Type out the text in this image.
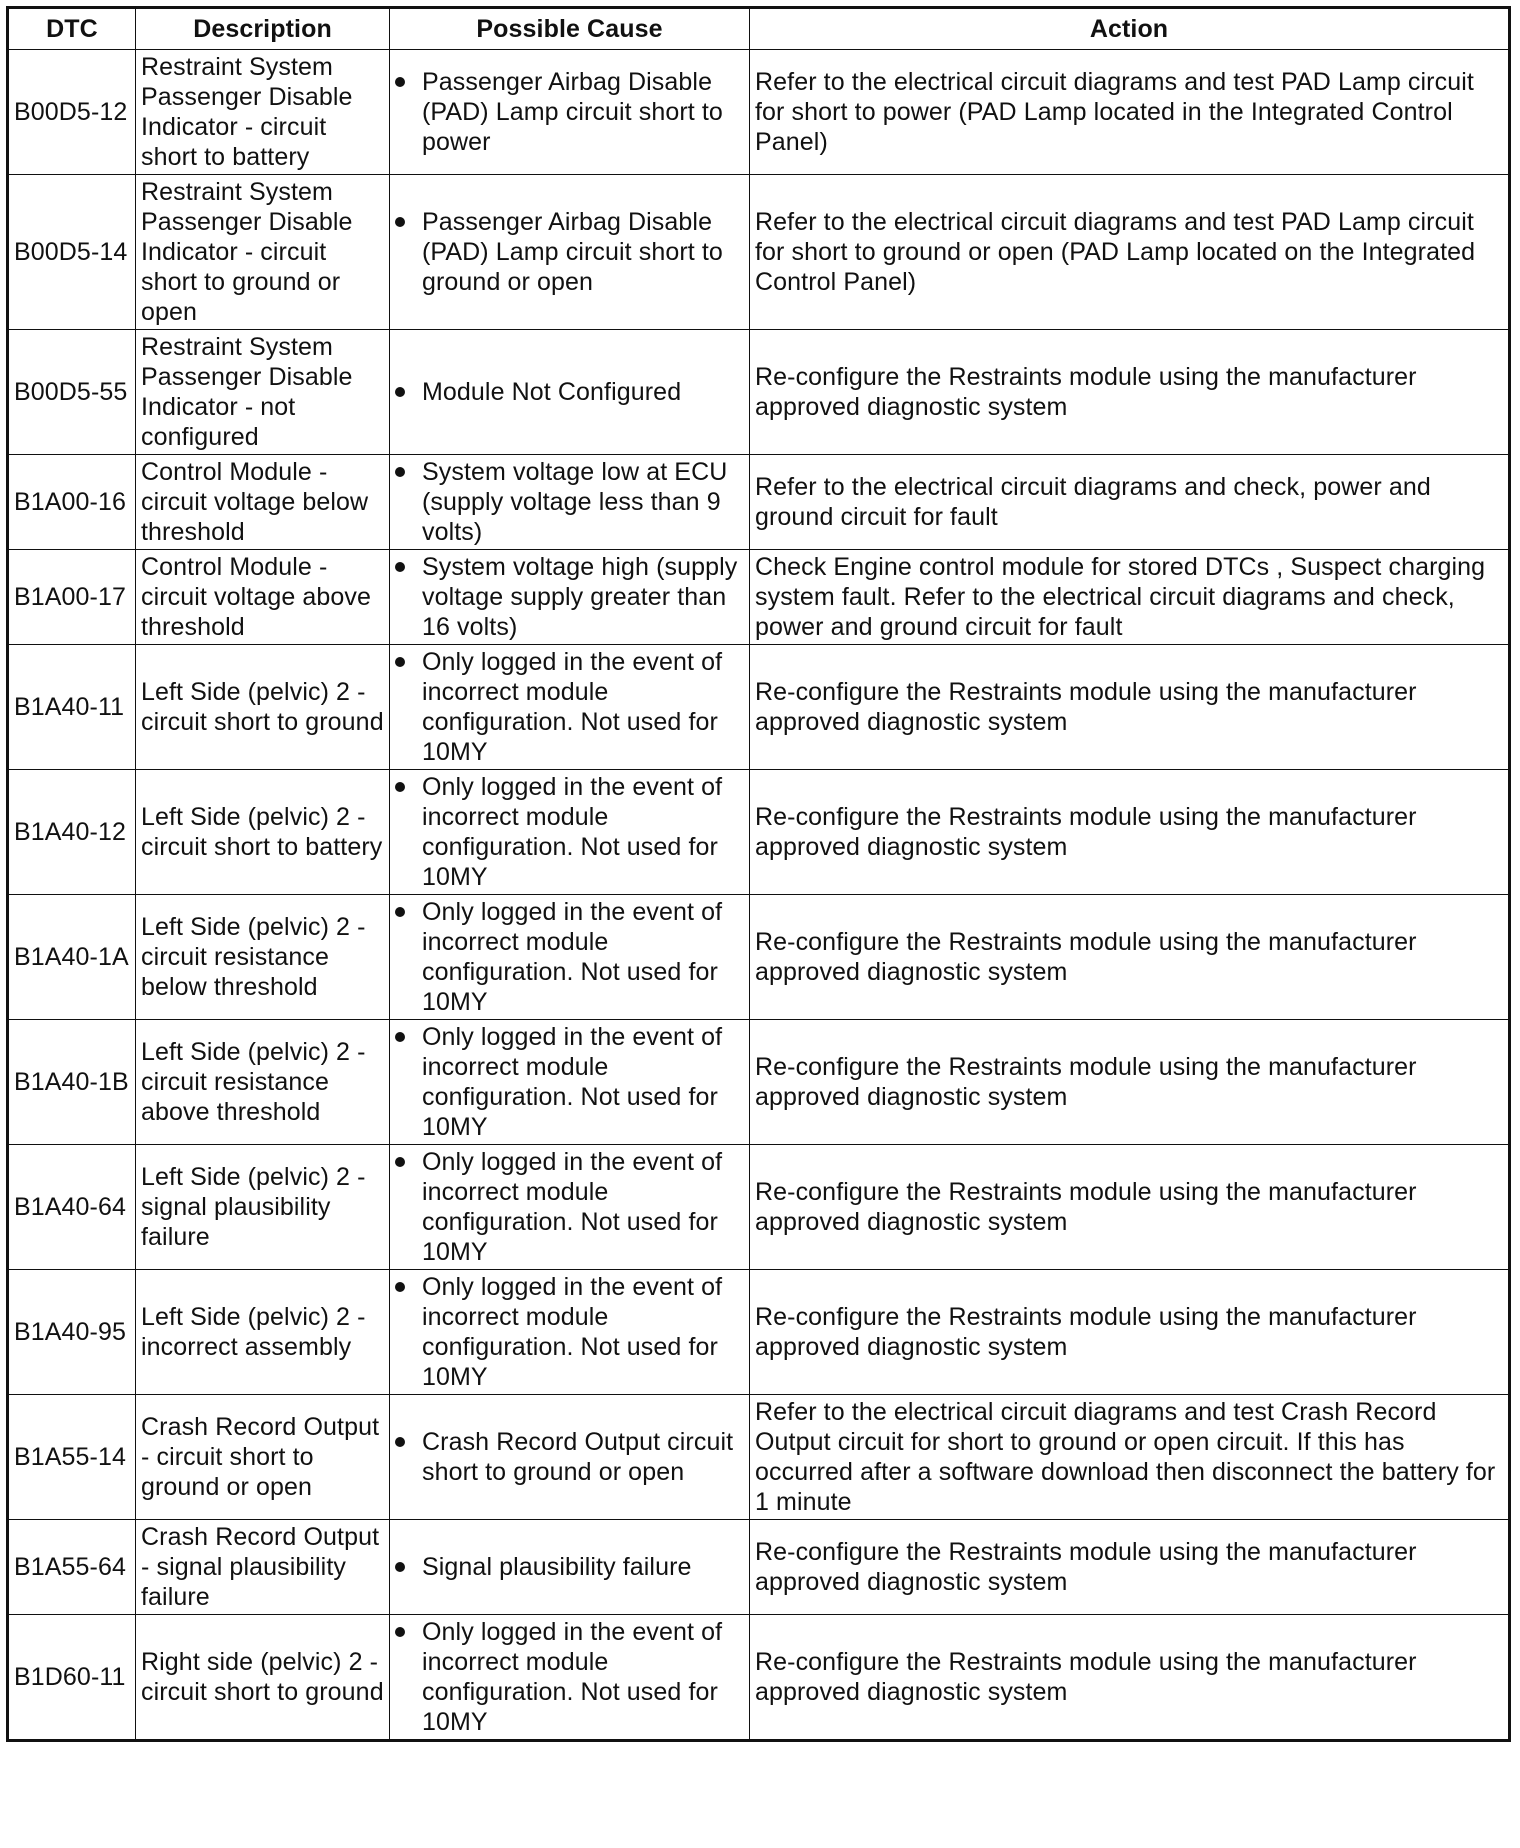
DTC	Description	Possible Cause	Action
B00D5-12	Restraint System Passenger Disable Indicator - circuit short to battery	Passenger Airbag Disable (PAD) Lamp circuit short to power	Refer to the electrical circuit diagrams and test PAD Lamp circuit for short to power (PAD Lamp located in the Integrated Control Panel)
B00D5-14	Restraint System Passenger Disable Indicator - circuit short to ground or open	Passenger Airbag Disable (PAD) Lamp circuit short to ground or open	Refer to the electrical circuit diagrams and test PAD Lamp circuit for short to ground or open (PAD Lamp located on the Integrated Control Panel)
B00D5-55	Restraint System Passenger Disable Indicator - not configured	Module Not Configured	Re-configure the Restraints module using the manufacturer approved diagnostic system
B1A00-16	Control Module - circuit voltage below threshold	System voltage low at ECU (supply voltage less than 9 volts)	Refer to the electrical circuit diagrams and check, power and ground circuit for fault
B1A00-17	Control Module - circuit voltage above threshold	System voltage high (supply voltage supply greater than 16 volts)	Check Engine control module for stored DTCs , Suspect charging system fault. Refer to the electrical circuit diagrams and check, power and ground circuit for fault
B1A40-11	Left Side (pelvic) 2 - circuit short to ground	Only logged in the event of incorrect module configuration. Not used for 10MY	Re-configure the Restraints module using the manufacturer approved diagnostic system
B1A40-12	Left Side (pelvic) 2 - circuit short to battery	Only logged in the event of incorrect module configuration. Not used for 10MY	Re-configure the Restraints module using the manufacturer approved diagnostic system
B1A40-1A	Left Side (pelvic) 2 - circuit resistance below threshold	Only logged in the event of incorrect module configuration. Not used for 10MY	Re-configure the Restraints module using the manufacturer approved diagnostic system
B1A40-1B	Left Side (pelvic) 2 - circuit resistance above threshold	Only logged in the event of incorrect module configuration. Not used for 10MY	Re-configure the Restraints module using the manufacturer approved diagnostic system
B1A40-64	Left Side (pelvic) 2 - signal plausibility failure	Only logged in the event of incorrect module configuration. Not used for 10MY	Re-configure the Restraints module using the manufacturer approved diagnostic system
B1A40-95	Left Side (pelvic) 2 - incorrect assembly	Only logged in the event of incorrect module configuration. Not used for 10MY	Re-configure the Restraints module using the manufacturer approved diagnostic system
B1A55-14	Crash Record Output - circuit short to ground or open	Crash Record Output circuit short to ground or open	Refer to the electrical circuit diagrams and test Crash Record Output circuit for short to ground or open circuit. If this has occurred after a software download then disconnect the battery for 1 minute
B1A55-64	Crash Record Output - signal plausibility failure	Signal plausibility failure	Re-configure the Restraints module using the manufacturer approved diagnostic system
B1D60-11	Right side (pelvic) 2 - circuit short to ground	Only logged in the event of incorrect module configuration. Not used for 10MY	Re-configure the Restraints module using the manufacturer approved diagnostic system
